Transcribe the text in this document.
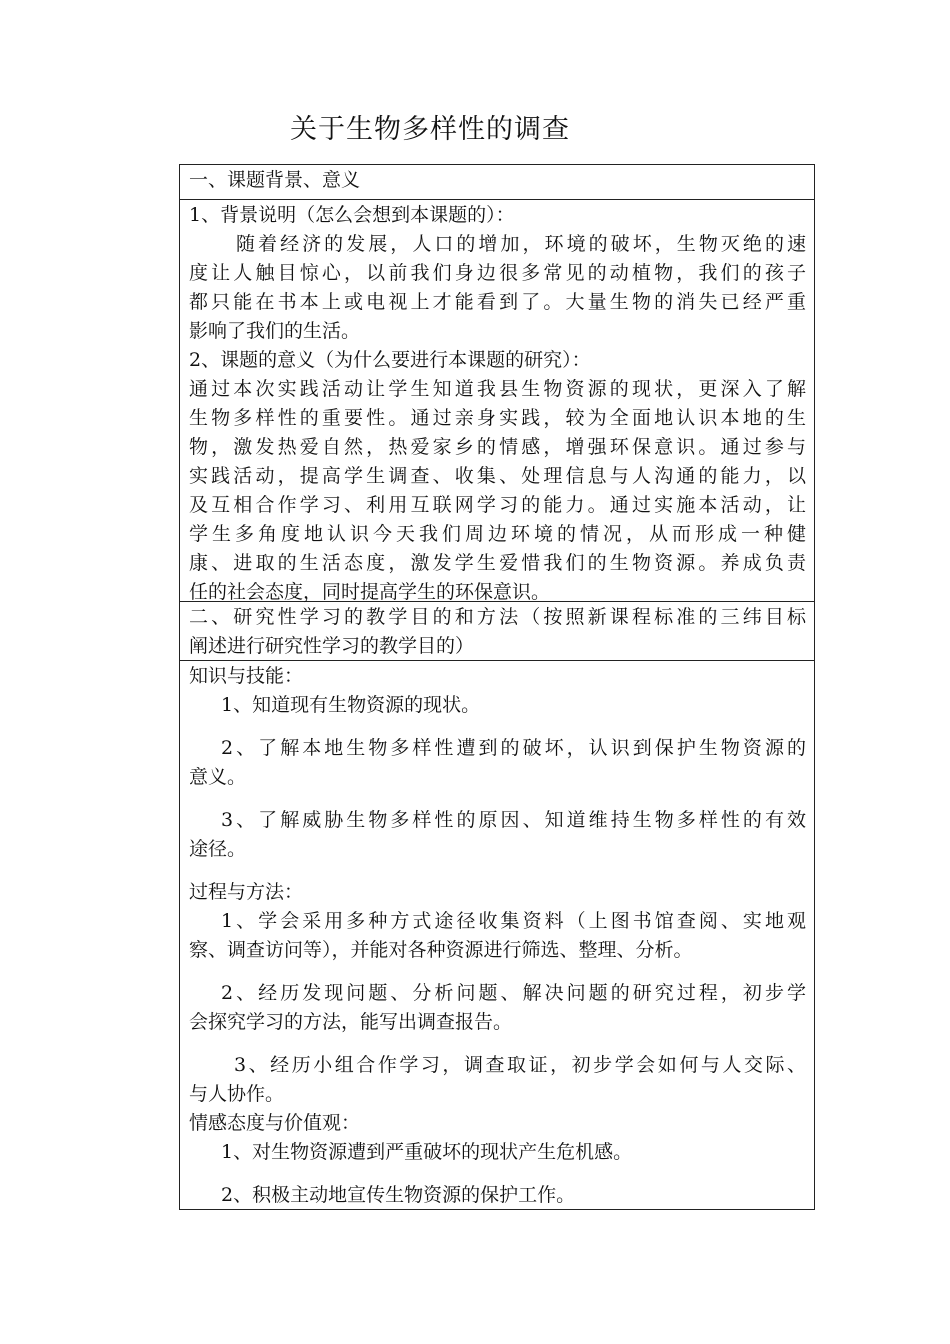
关于生物多样性的调查
一、课题背景、意义
1、背景说明（怎么会想到本课题的）：
随着经济的发展，人口的增加，环境的破坏，生物灭绝的速
度让人触目惊心，以前我们身边很多常见的动植物，我们的孩子
都只能在书本上或电视上才能看到了。大量生物的消失已经严重
影响了我们的生活。
2、课题的意义（为什么要进行本课题的研究）：
通过本次实践活动让学生知道我县生物资源的现状，更深入了解
生物多样性的重要性。通过亲身实践，较为全面地认识本地的生
物，激发热爱自然，热爱家乡的情感，增强环保意识。通过参与
实践活动，提高学生调查、收集、处理信息与人沟通的能力，以
及互相合作学习、利用互联网学习的能力。通过实施本活动，让
学生多角度地认识今天我们周边环境的情况，从而形成一种健
康、进取的生活态度，激发学生爱惜我们的生物资源。养成负责
任的社会态度，同时提高学生的环保意识。
二、研究性学习的教学目的和方法（按照新课程标准的三纬目标
阐述进行研究性学习的教学目的）
知识与技能：
1、知道现有生物资源的现状。
2、了解本地生物多样性遭到的破坏，认识到保护生物资源的
意义。
3、了解威胁生物多样性的原因、知道维持生物多样性的有效
途径。
过程与方法：
1、学会采用多种方式途径收集资料（上图书馆查阅、实地观
察、调查访问等），并能对各种资源进行筛选、整理、分析。
2、经历发现问题、分析问题、解决问题的研究过程，初步学
会探究学习的方法，能写出调查报告。
3、经历小组合作学习，调查取证，初步学会如何与人交际、
与人协作。
情感态度与价值观：
1、对生物资源遭到严重破坏的现状产生危机感。
2、积极主动地宣传生物资源的保护工作。
